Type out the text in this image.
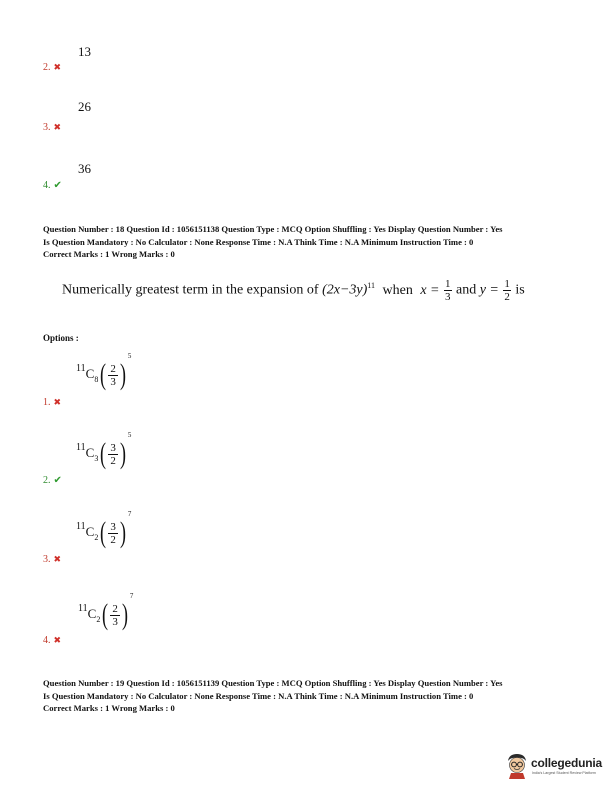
13
2. ✖
26
3. ✖
36
4. ✔
Question Number : 18 Question Id : 1056151138 Question Type : MCQ Option Shuffling : Yes Display Question Number : Yes
Is Question Mandatory : No Calculator : None Response Time : N.A Think Time : N.A Minimum Instruction Time : 0
Correct Marks : 1 Wrong Marks : 0
Numerically greatest term in the expansion of $(2x-3y)^{11}$ when $x = \frac{1}{3}$ and $y = \frac{1}{2}$ is
Options :
$^{11}C_8( \frac{2}{3} )^5$
1. ✖
$^{11}C_3( \frac{3}{2} )^5$
2. ✔
$^{11}C_2( \frac{3}{2} )^7$
3. ✖
$^{11}C_2( \frac{2}{3} )^7$
4. ✖
Question Number : 19 Question Id : 1056151139 Question Type : MCQ Option Shuffling : Yes Display Question Number : Yes
Is Question Mandatory : No Calculator : None Response Time : N.A Think Time : N.A Minimum Instruction Time : 0
Correct Marks : 1 Wrong Marks : 0
collegedunia
India's Largest Student Review Platform
